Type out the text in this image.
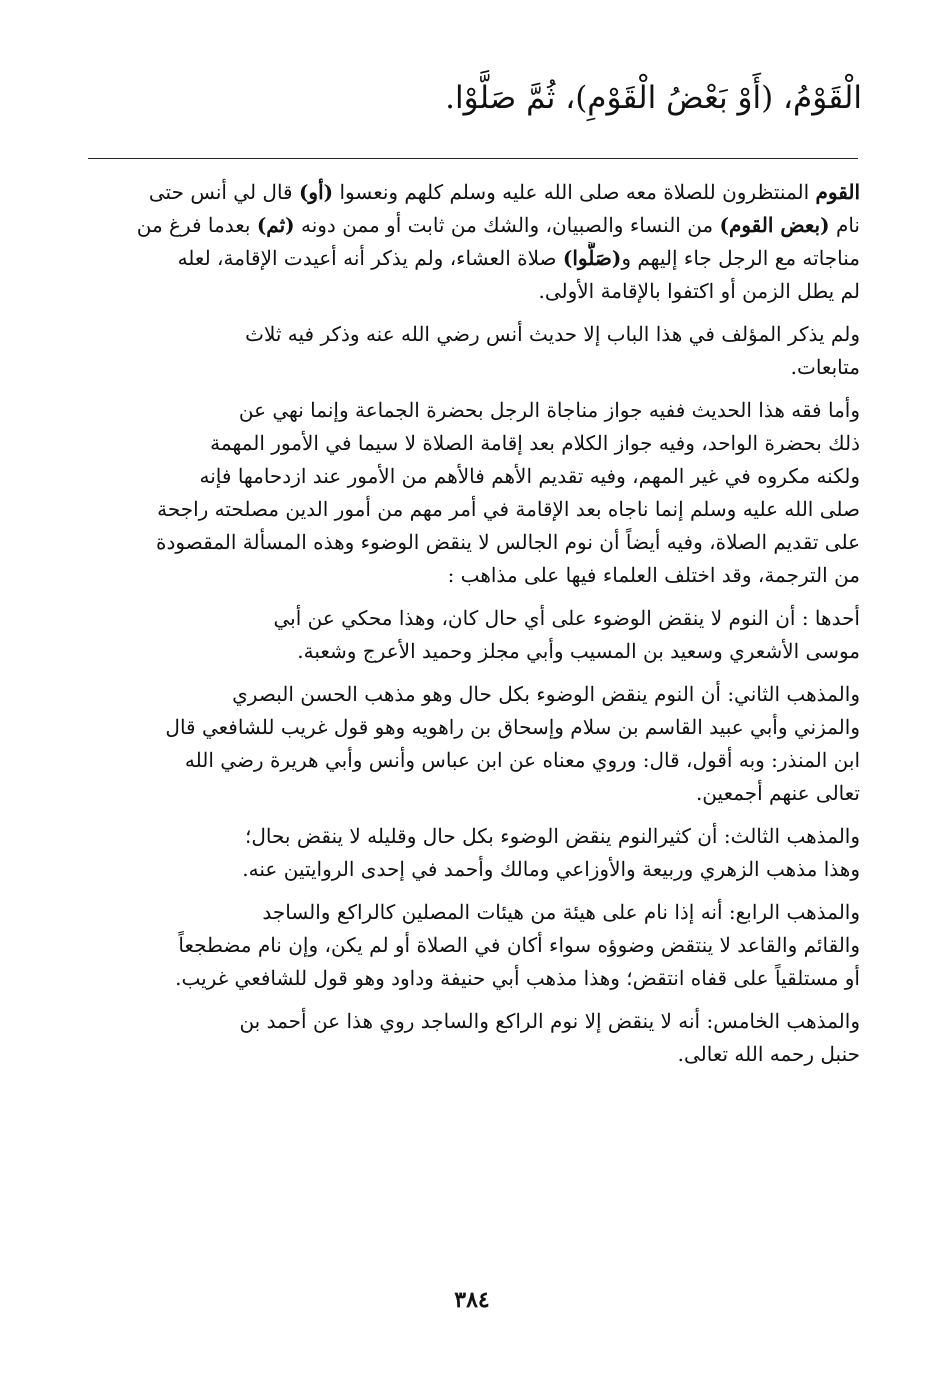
الْقَوْمُ، (أَوْ بَعْضُ الْقَوْمِ)، ثُمَّ صَلَّوْا.
القوم المنتظرون للصلاة معه صلى الله عليه وسلم كلهم ونعسوا (أو) قال لي أنس حتى
نام (بعض القوم) من النساء والصبيان، والشك من ثابت أو ممن دونه (ثم) بعدما فرغ من
مناجاته مع الرجل جاء إليهم و(صَلَّوا) صلاة العشاء، ولم يذكر أنه أعيدت الإقامة، لعله
لم يطل الزمن أو اكتفوا بالإقامة الأولى.
ولم يذكر المؤلف في هذا الباب إلا حديث أنس رضي الله عنه وذكر فيه ثلاث
متابعات.
وأما فقه هذا الحديث ففيه جواز مناجاة الرجل بحضرة الجماعة وإنما نهي عن
ذلك بحضرة الواحد، وفيه جواز الكلام بعد إقامة الصلاة لا سيما في الأمور المهمة
ولكنه مكروه في غير المهم، وفيه تقديم الأهم فالأهم من الأمور عند ازدحامها فإنه
صلى الله عليه وسلم إنما ناجاه بعد الإقامة في أمر مهم من أمور الدين مصلحته راجحة
على تقديم الصلاة، وفيه أيضاً أن نوم الجالس لا ينقض الوضوء وهذه المسألة المقصودة
من الترجمة، وقد اختلف العلماء فيها على مذاهب :
أحدها : أن النوم لا ينقض الوضوء على أي حال كان، وهذا محكي عن أبي
موسى الأشعري وسعيد بن المسيب وأبي مجلز وحميد الأعرج وشعبة.
والمذهب الثاني: أن النوم ينقض الوضوء بكل حال وهو مذهب الحسن البصري
والمزني وأبي عبيد القاسم بن سلام وإسحاق بن راهويه وهو قول غريب للشافعي قال
ابن المنذر: وبه أقول، قال: وروي معناه عن ابن عباس وأنس وأبي هريرة رضي الله
تعالى عنهم أجمعين.
والمذهب الثالث: أن كثيرالنوم ينقض الوضوء بكل حال وقليله لا ينقض بحال؛
وهذا مذهب الزهري وربيعة والأوزاعي ومالك وأحمد في إحدى الروايتين عنه.
والمذهب الرابع: أنه إذا نام على هيئة من هيئات المصلين كالراكع والساجد
والقائم والقاعد لا ينتقض وضوؤه سواء أكان في الصلاة أو لم يكن، وإن نام مضطجعاً
أو مستلقياً على قفاه انتقض؛ وهذا مذهب أبي حنيفة وداود وهو قول للشافعي غريب.
والمذهب الخامس: أنه لا ينقض إلا نوم الراكع والساجد روي هذا عن أحمد بن
حنبل رحمه الله تعالى.
٣٨٤
